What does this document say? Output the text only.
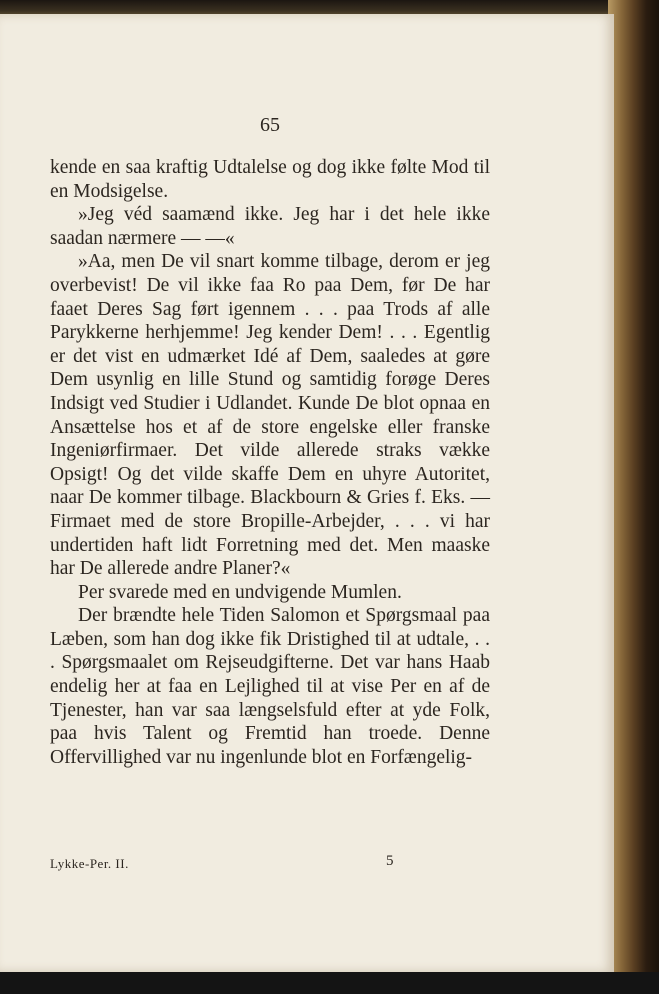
65

kende en saa kraftig Udtalelse og dog ikke følte Mod til en Modsigelse.

»Jeg véd saamænd ikke. Jeg har i det hele ikke saadan nærmere — —«

»Aa, men De vil snart komme tilbage, derom er jeg overbevist! De vil ikke faa Ro paa Dem, før De har faaet Deres Sag ført igennem . . . paa Trods af alle Parykkerne herhjemme! Jeg kender Dem! . . . Egentlig er det vist en udmærket Idé af Dem, saaledes at gøre Dem usynlig en lille Stund og samtidig forøge Deres Indsigt ved Studier i Udlandet. Kunde De blot opnaa en Ansættelse hos et af de store engelske eller franske Ingeniørfirmaer. Det vilde allerede straks vække Opsigt! Og det vilde skaffe Dem en uhyre Autoritet, naar De kommer tilbage. Blackbourn & Gries f. Eks. — Firmaet med de store Bropille-Arbejder, . . . vi har undertiden haft lidt Forretning med det. Men maaske har De allerede andre Planer?«

Per svarede med en undvigende Mumlen.

Der brændte hele Tiden Salomon et Spørgsmaal paa Læben, som han dog ikke fik Dristighed til at udtale, . . . Spørgsmaalet om Rejseudgifterne. Det var hans Haab endelig her at faa en Lejlighed til at vise Per en af de Tjenester, han var saa længselsfuld efter at yde Folk, paa hvis Talent og Fremtid han troede. Denne Offervillighed var nu ingenlunde blot en Forfængelig-

Lykke-Per. II.	5
